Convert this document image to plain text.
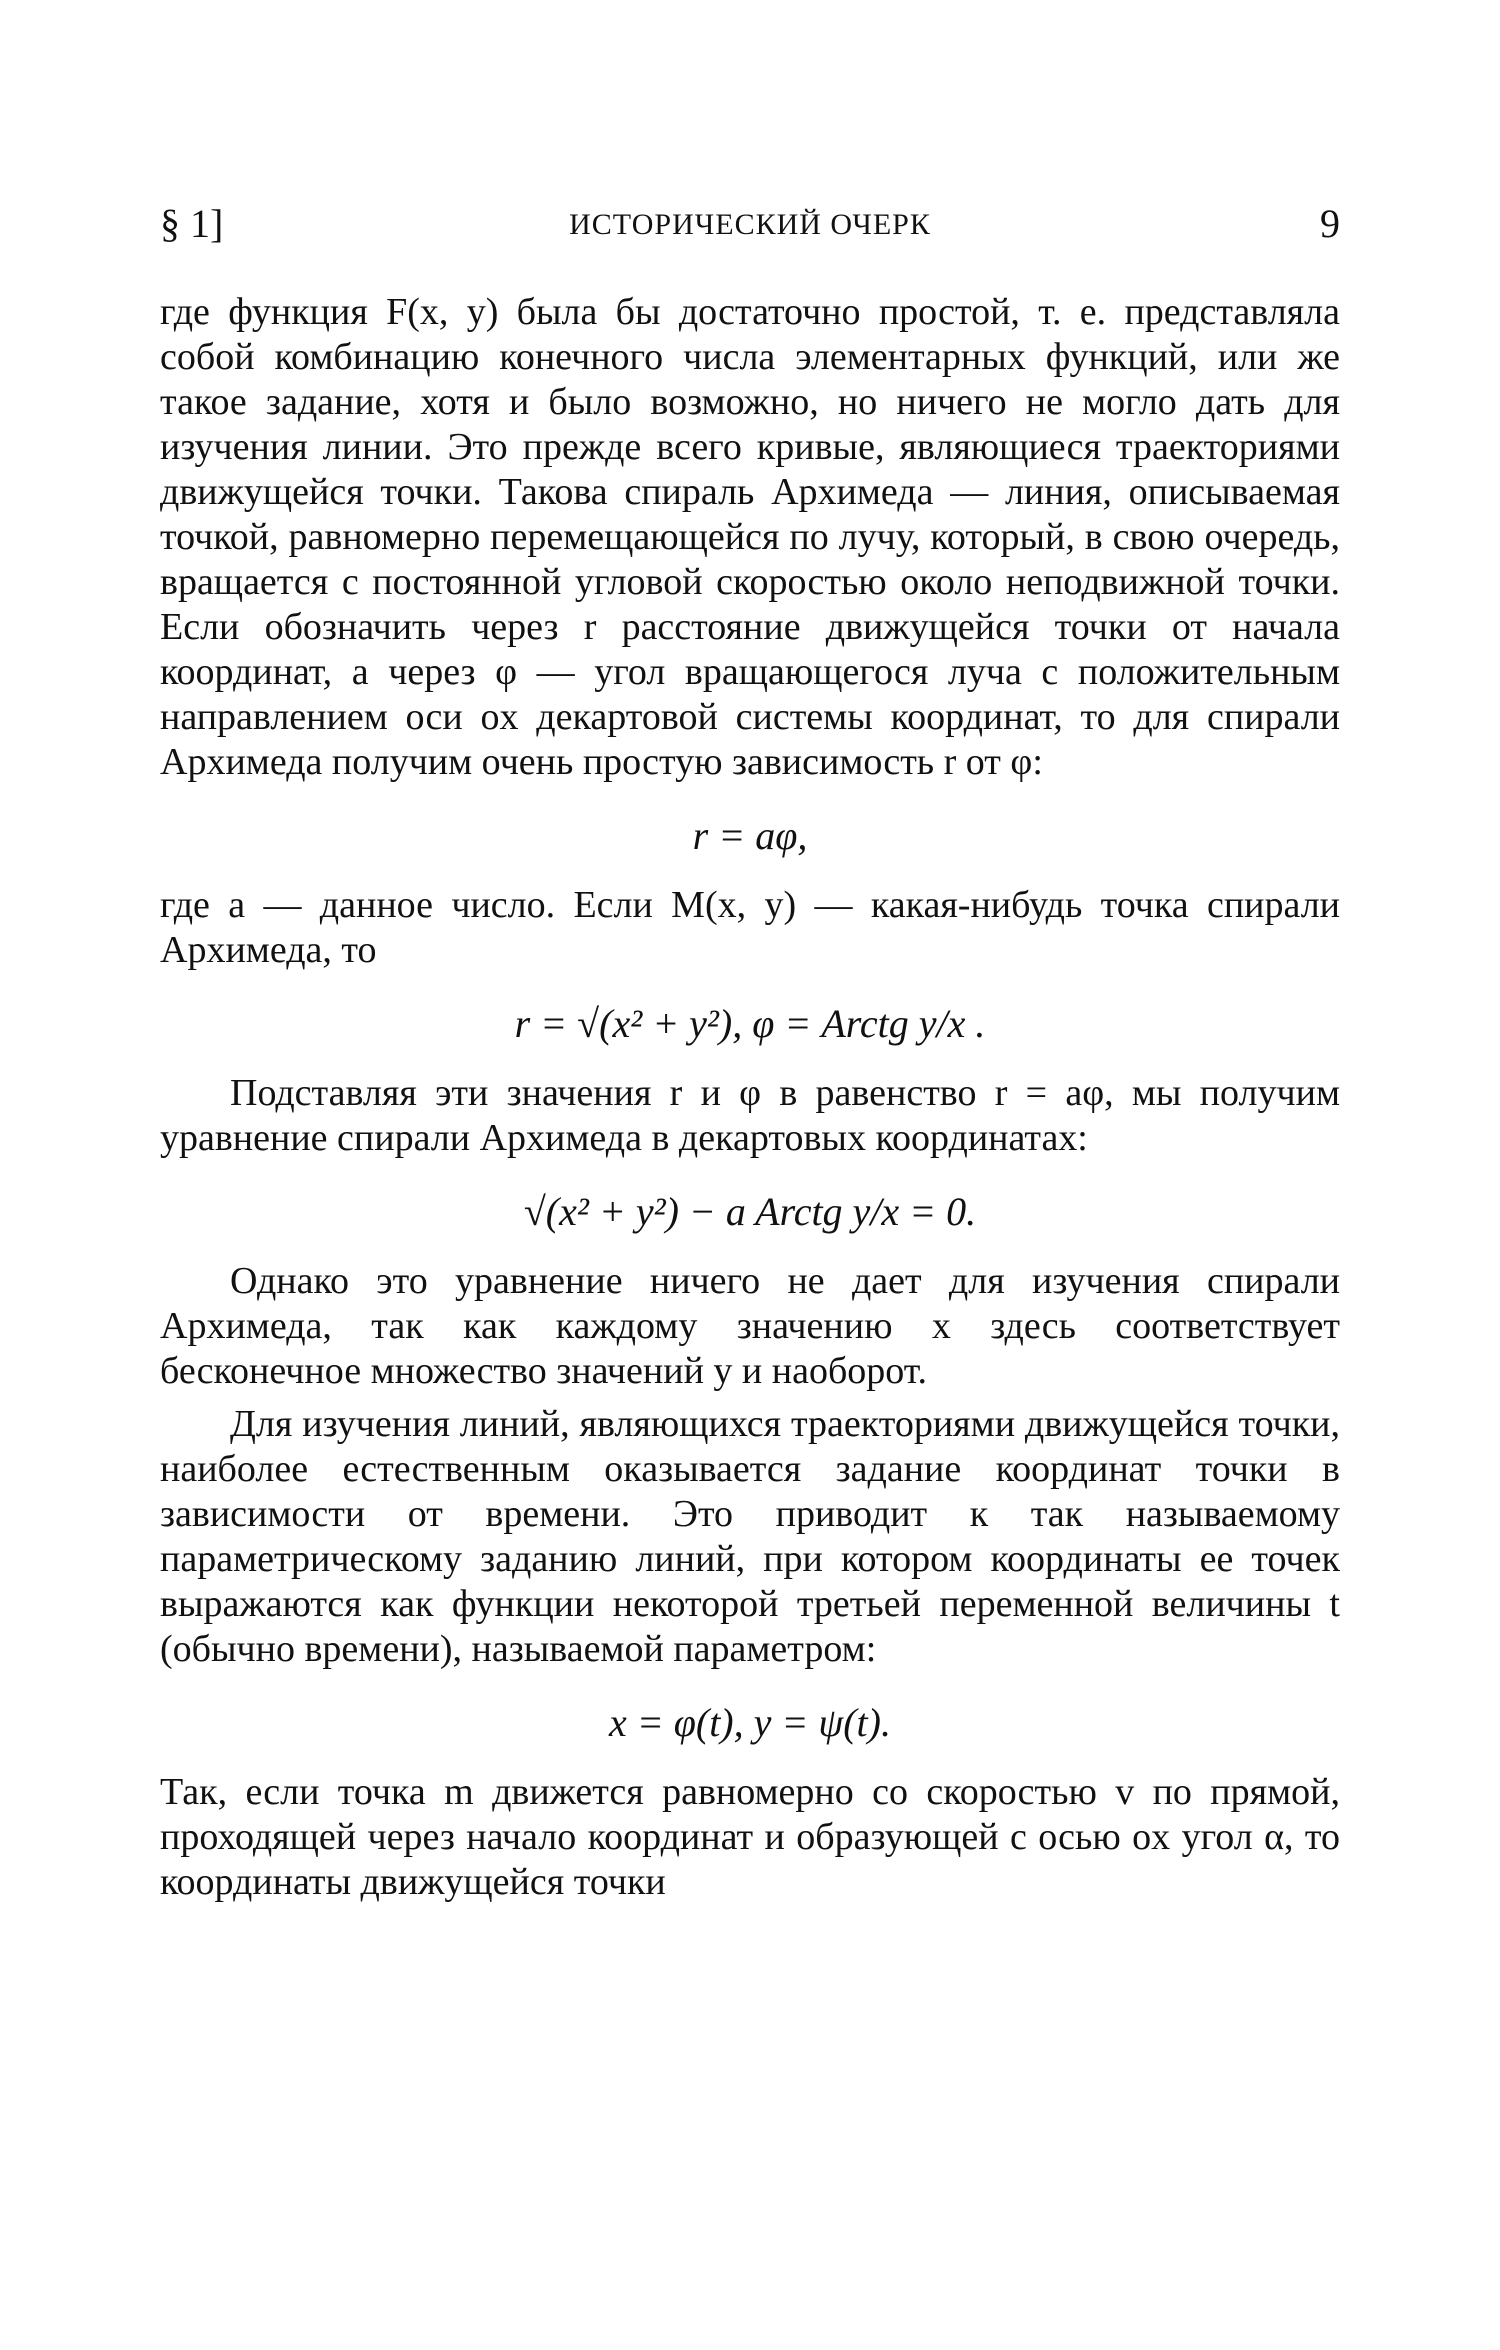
§ 1]	ИСТОРИЧЕСКИЙ ОЧЕРК	9

где функция F(x, y) была бы достаточно простой, т. е. представляла собой комбинацию конечного числа элементарных функций, или же такое задание, хотя и было возможно, но ничего не могло дать для изучения линии. Это прежде всего кривые, являющиеся траекториями движущейся точки. Такова спираль Архимеда — линия, описываемая точкой, равномерно перемещающейся по лучу, который, в свою очередь, вращается с постоянной угловой скоростью около неподвижной точки. Если обозначить через r расстояние движущейся точки от начала координат, а через φ — угол вращающегося луча с положительным направлением оси ox декартовой системы координат, то для спирали Архимеда получим очень простую зависимость r от φ:

r = aφ,

где a — данное число. Если M(x, y) — какая-нибудь точка спирали Архимеда, то

r = √(x² + y²), φ = Arctg y/x .

Подставляя эти значения r и φ в равенство r = aφ, мы получим уравнение спирали Архимеда в декартовых координатах:

√(x² + y²) − a Arctg y/x = 0.

Однако это уравнение ничего не дает для изучения спирали Архимеда, так как каждому значению x здесь соответствует бесконечное множество значений y и наоборот.

Для изучения линий, являющихся траекториями движущейся точки, наиболее естественным оказывается задание координат точки в зависимости от времени. Это приводит к так называемому параметрическому заданию линий, при котором координаты ее точек выражаются как функции некоторой третьей переменной величины t (обычно времени), называемой параметром:

x = φ(t), y = ψ(t).

Так, если точка m движется равномерно со скоростью v по прямой, проходящей через начало координат и образующей с осью ox угол α, то координаты движущейся точки
